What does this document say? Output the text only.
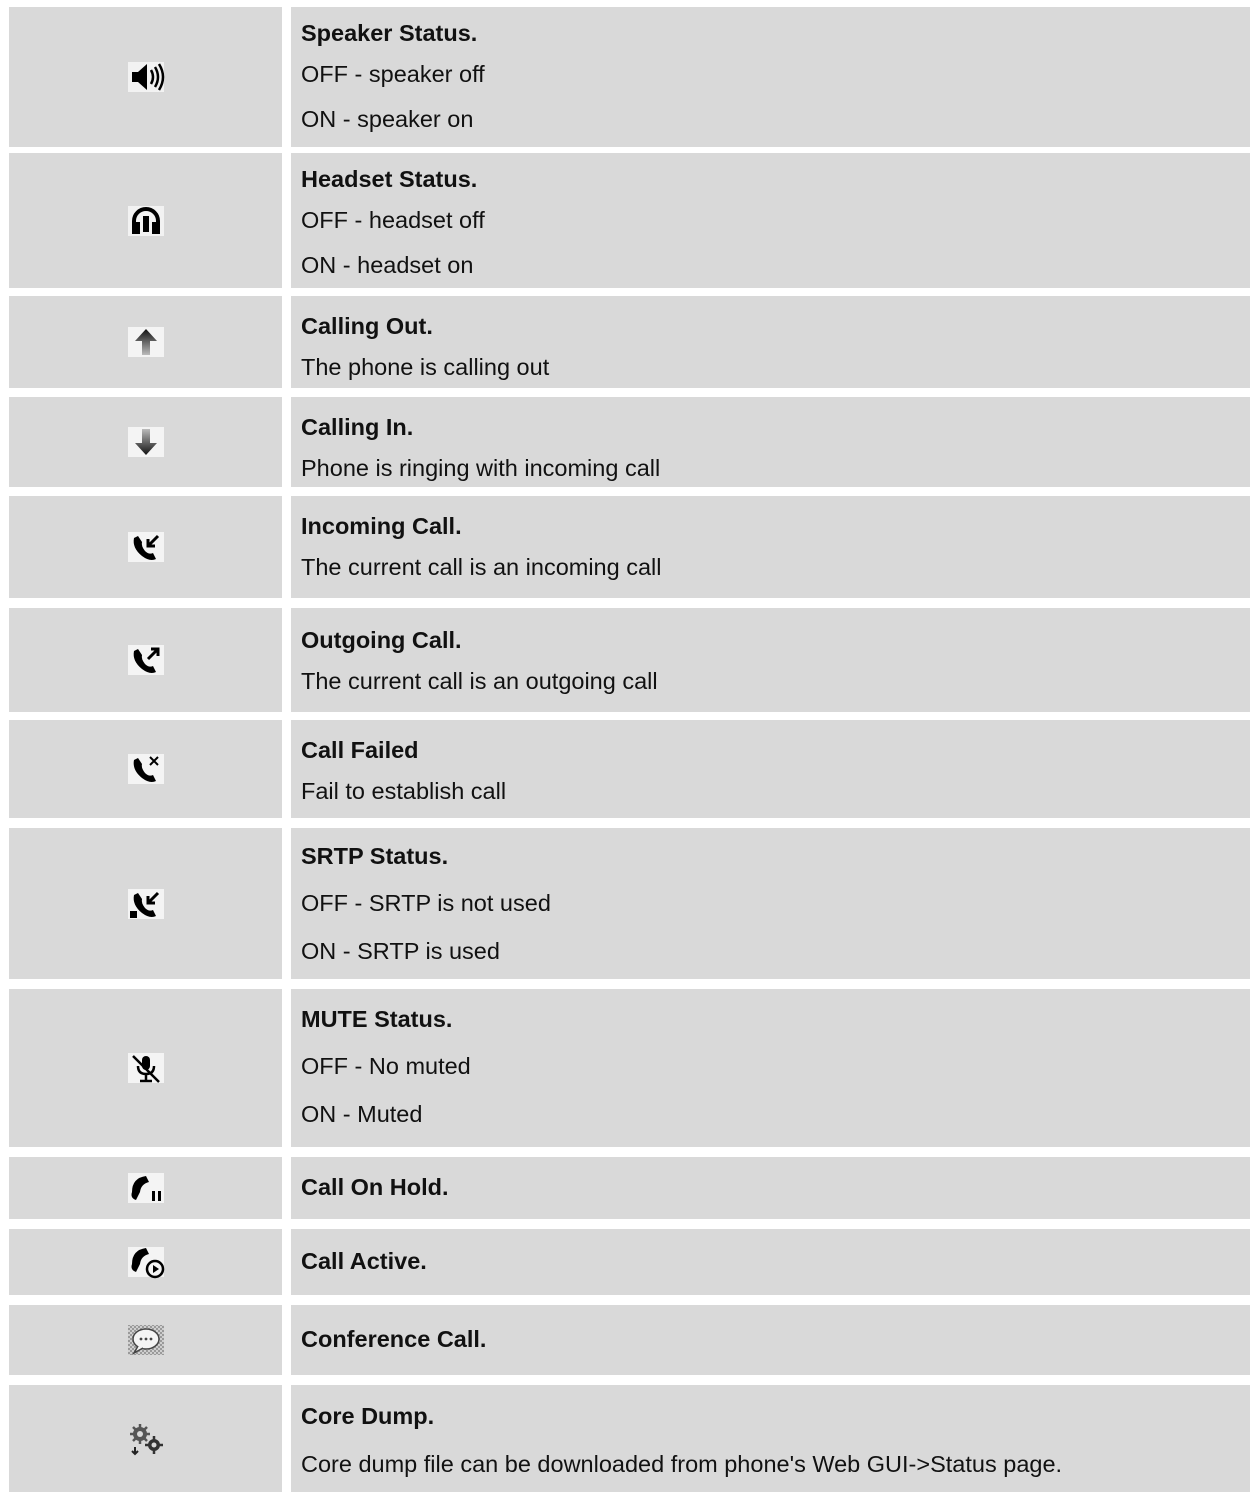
Speaker Status.
OFF - speaker off
ON - speaker on
Headset Status.
OFF - headset off
ON - headset on
Calling Out.
The phone is calling out
Calling In.
Phone is ringing with incoming call
Incoming Call.
The current call is an incoming call
Outgoing Call.
The current call is an outgoing call
Call Failed
Fail to establish call
SRTP Status.
OFF - SRTP is not used
ON - SRTP is used
MUTE Status.
OFF - No muted
ON - Muted
Call On Hold.
Call Active.
Conference Call.
Core Dump.
Core dump file can be downloaded from phone's Web GUI->Status page.
